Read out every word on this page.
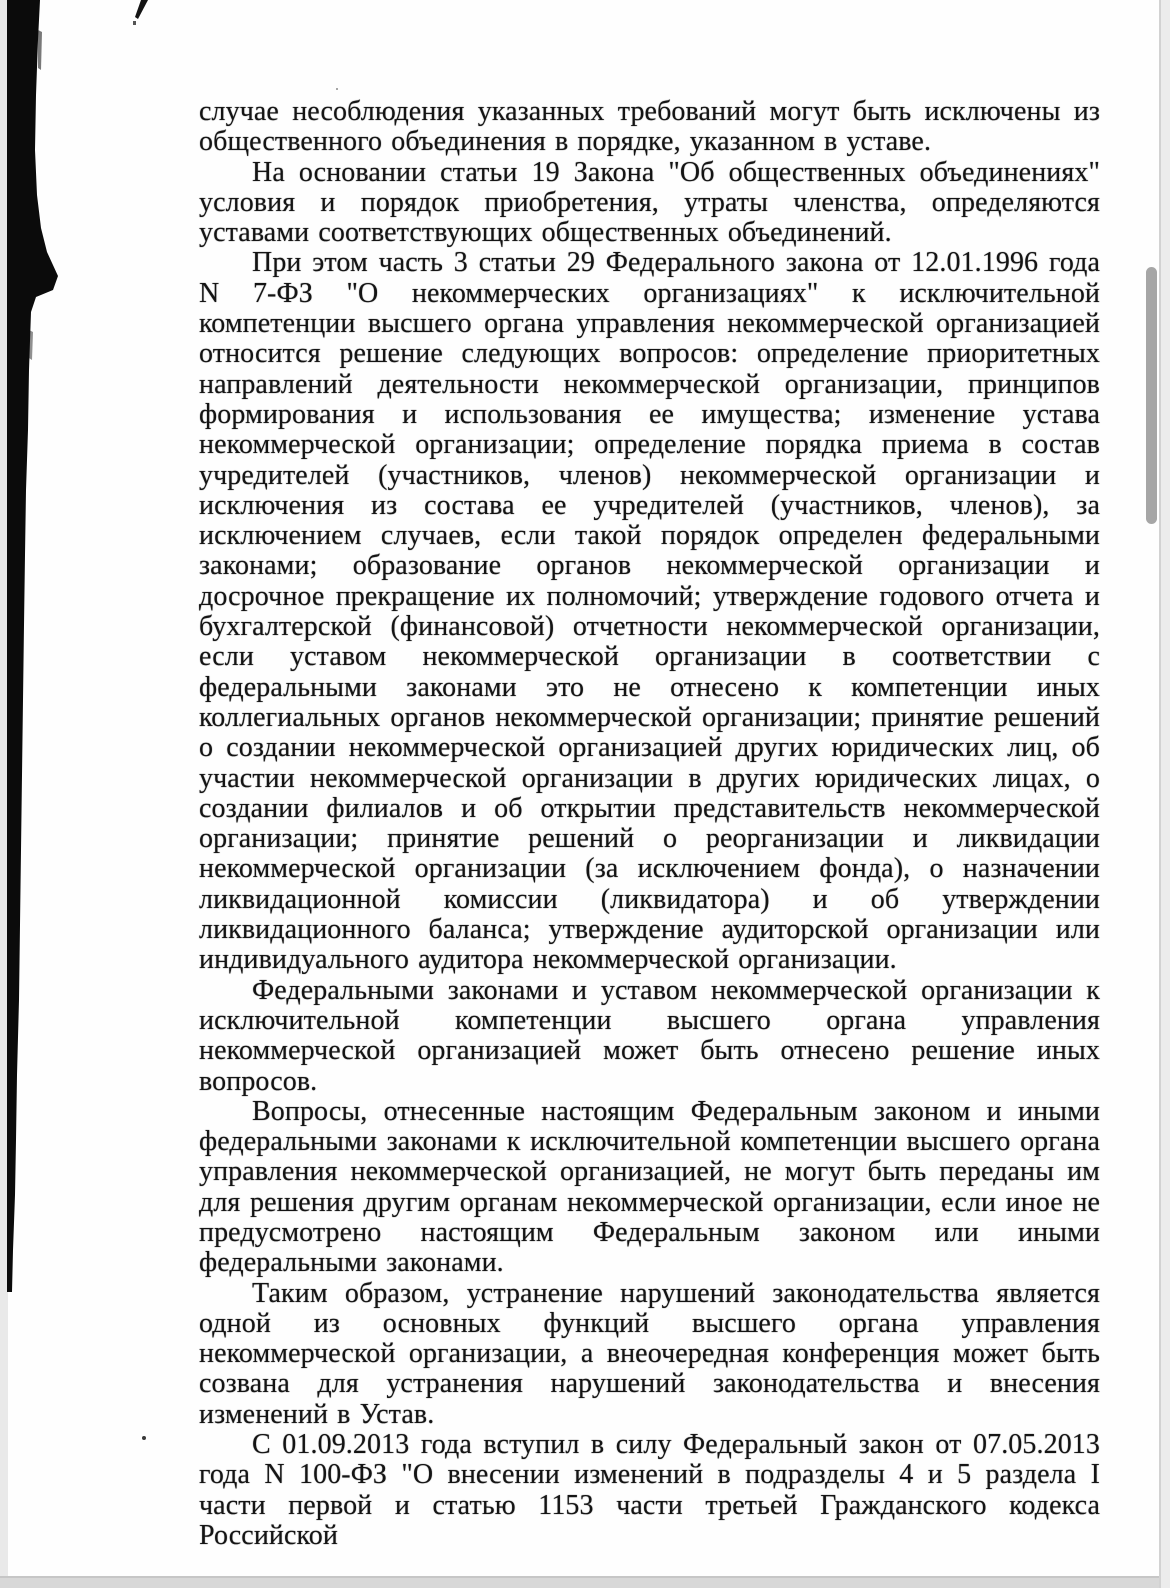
случае несоблюдения указанных требований могут быть исключены из общественного объединения в порядке, указанном в уставе.

На основании статьи 19 Закона "Об общественных объединениях" условия и порядок приобретения, утраты членства, определяются уставами соответствующих общественных объединений.

При этом часть 3 статьи 29 Федерального закона от 12.01.1996 года N 7-ФЗ "О некоммерческих организациях" к исключительной компетенции высшего органа управления некоммерческой организацией относится решение следующих вопросов: определение приоритетных направлений деятельности некоммерческой организации, принципов формирования и использования ее имущества; изменение устава некоммерческой организации; определение порядка приема в состав учредителей (участников, членов) некоммерческой организации и исключения из состава ее учредителей (участников, членов), за исключением случаев, если такой порядок определен федеральными законами; образование органов некоммерческой организации и досрочное прекращение их полномочий; утверждение годового отчета и бухгалтерской (финансовой) отчетности некоммерческой организации, если уставом некоммерческой организации в соответствии с федеральными законами это не отнесено к компетенции иных коллегиальных органов некоммерческой организации; принятие решений о создании некоммерческой организацией других юридических лиц, об участии некоммерческой организации в других юридических лицах, о создании филиалов и об открытии представительств некоммерческой организации; принятие решений о реорганизации и ликвидации некоммерческой организации (за исключением фонда), о назначении ликвидационной комиссии (ликвидатора) и об утверждении ликвидационного баланса; утверждение аудиторской организации или индивидуального аудитора некоммерческой организации.

Федеральными законами и уставом некоммерческой организации к исключительной компетенции высшего органа управления некоммерческой организацией может быть отнесено решение иных вопросов.

Вопросы, отнесенные настоящим Федеральным законом и иными федеральными законами к исключительной компетенции высшего органа управления некоммерческой организацией, не могут быть переданы им для решения другим органам некоммерческой организации, если иное не предусмотрено настоящим Федеральным законом или иными федеральными законами.

Таким образом, устранение нарушений законодательства является одной из основных функций высшего органа управления некоммерческой организации, а внеочередная конференция может быть созвана для устранения нарушений законодательства и внесения изменений в Устав.

С 01.09.2013 года вступил в силу Федеральный закон от 07.05.2013 года N 100-ФЗ "О внесении изменений в подразделы 4 и 5 раздела I части первой и статью 1153 части третьей Гражданского кодекса Российской
